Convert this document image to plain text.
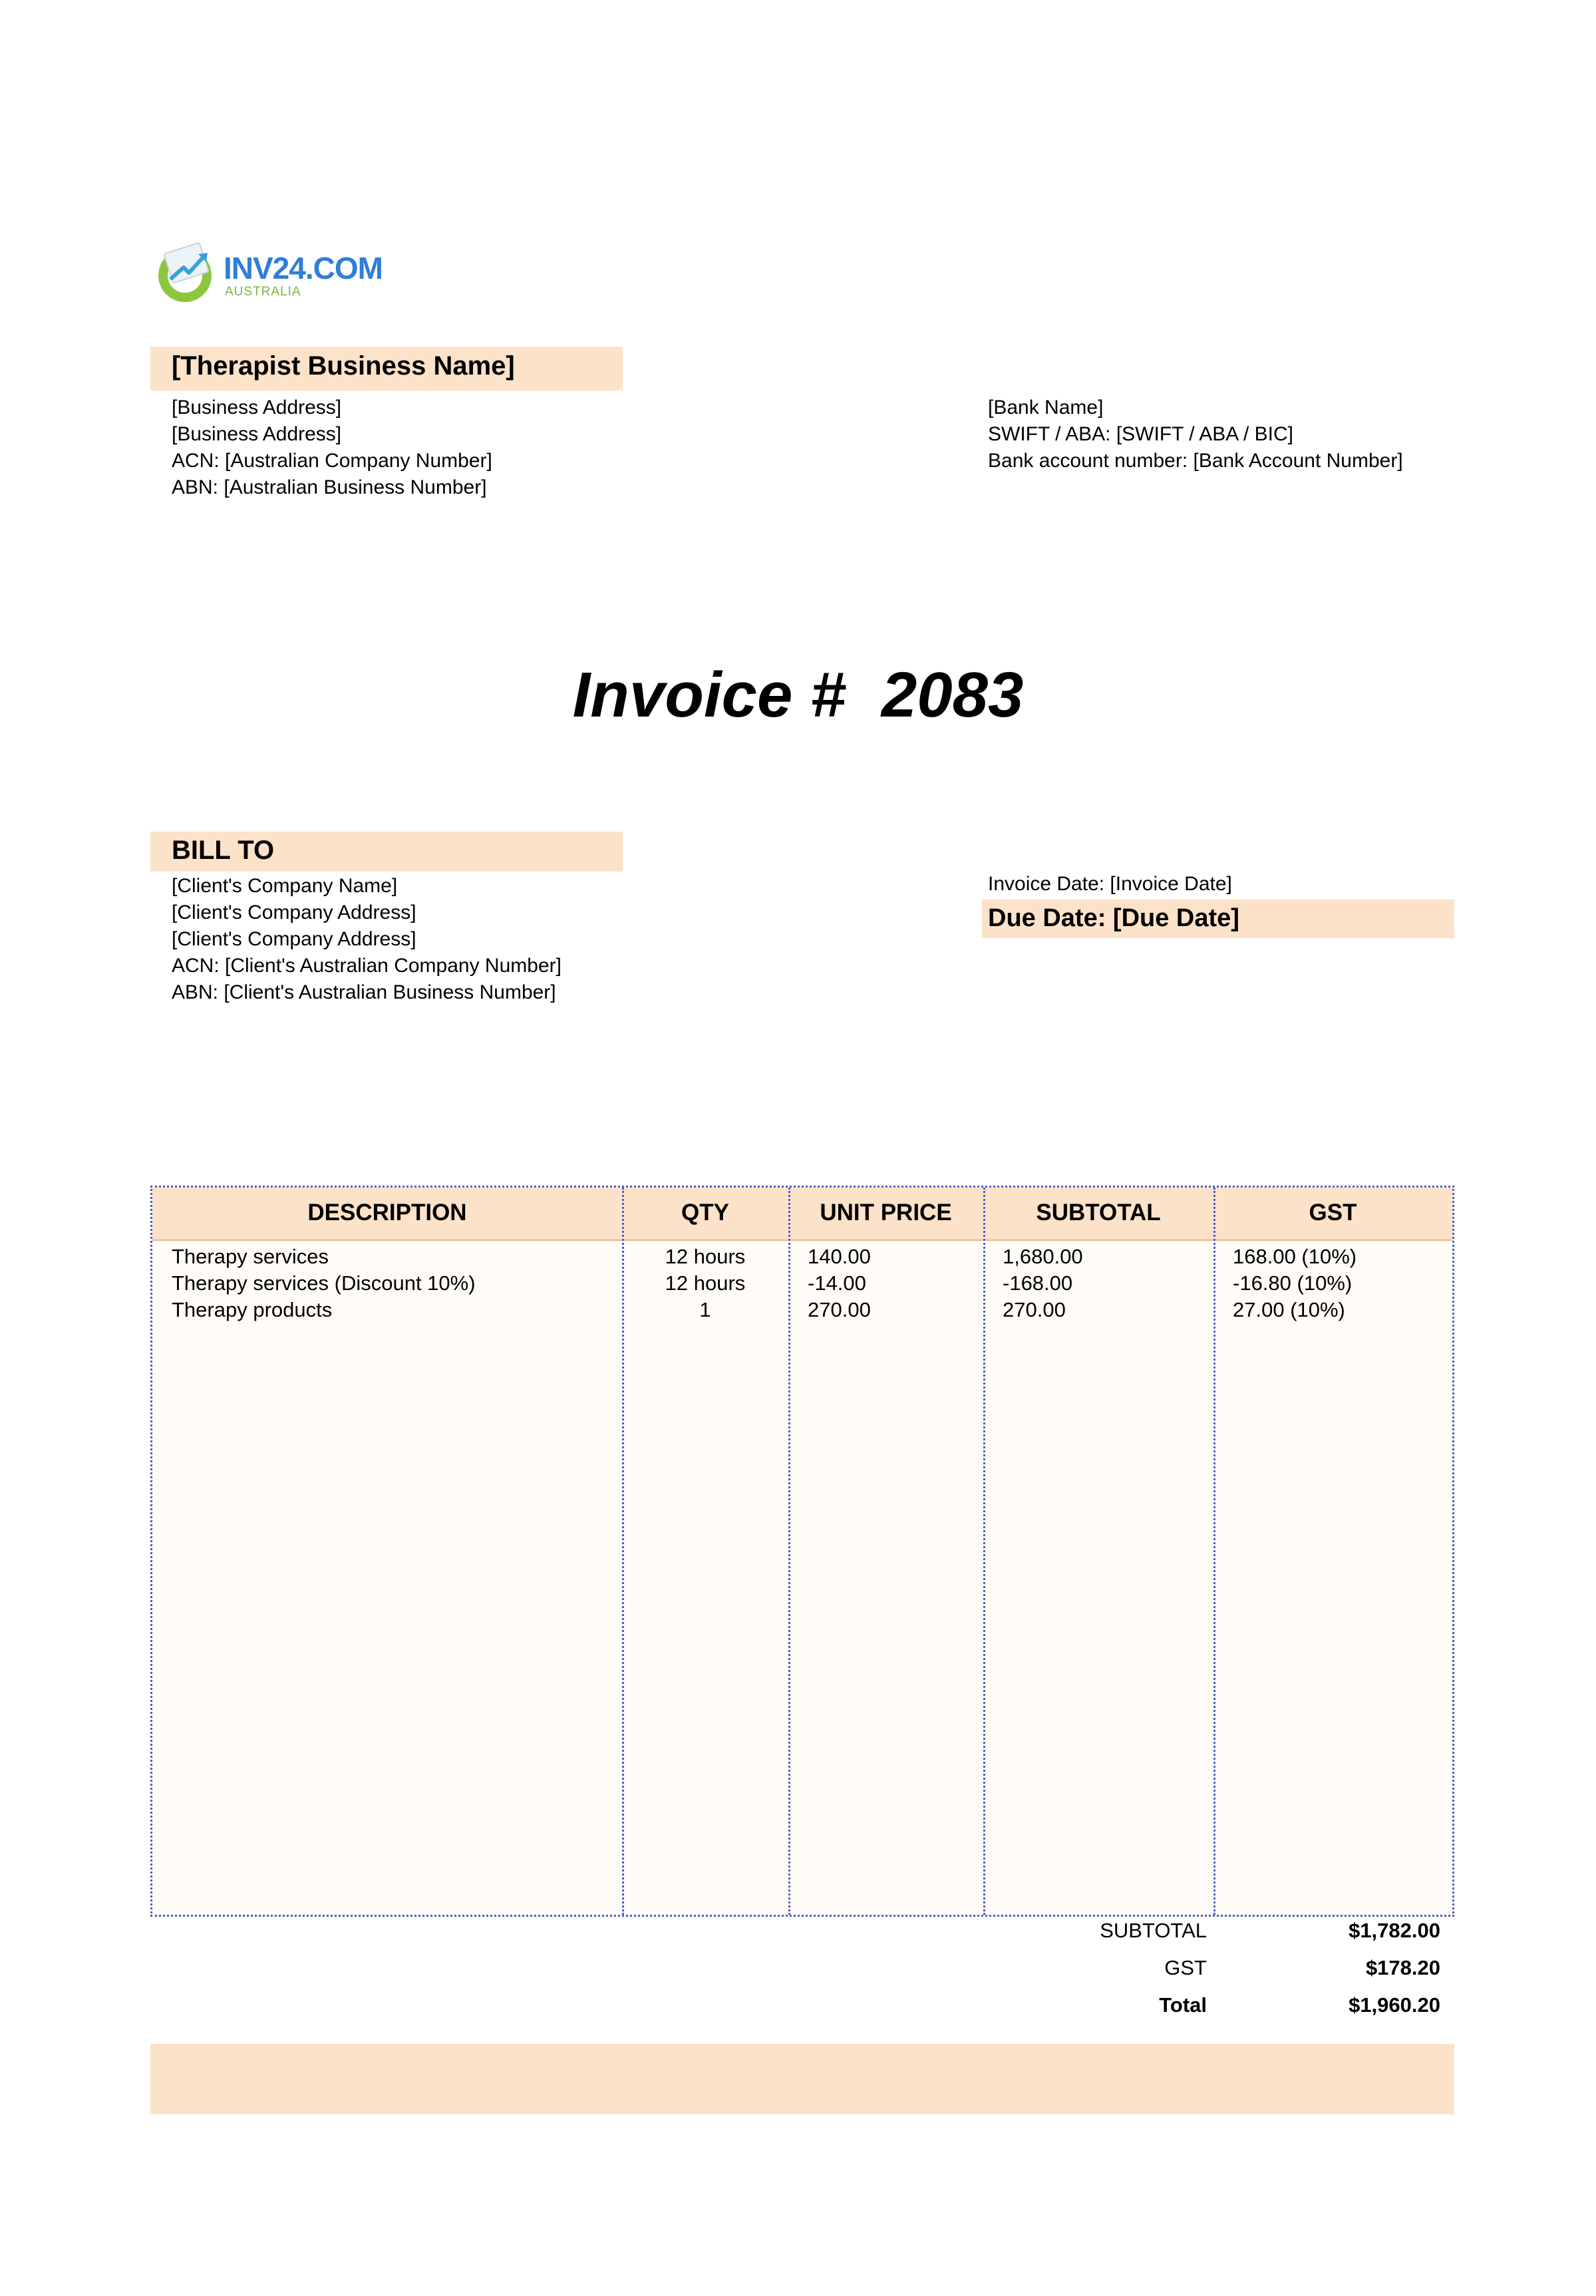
INV24.COM
AUSTRALIA
[Therapist Business Name]
[Business Address]
[Business Address]
ACN: [Australian Company Number]
ABN: [Australian Business Number]
[Bank Name]
SWIFT / ABA: [SWIFT / ABA / BIC]
Bank account number: [Bank Account Number]
Invoice #  2083
BILL TO
[Client's Company Name]
[Client's Company Address]
[Client's Company Address]
ACN: [Client's Australian Company Number]
ABN: [Client's Australian Business Number]
Invoice Date: [Invoice Date]
Due Date: [Due Date]
DESCRIPTION	QTY	UNIT PRICE	SUBTOTAL	GST
Therapy services	12 hours	140.00	1,680.00	168.00 (10%)
Therapy services (Discount 10%)	12 hours	-14.00	-168.00	-16.80 (10%)
Therapy products	1	270.00	270.00	27.00 (10%)
SUBTOTAL	$1,782.00
GST	$178.20
Total	$1,960.20
